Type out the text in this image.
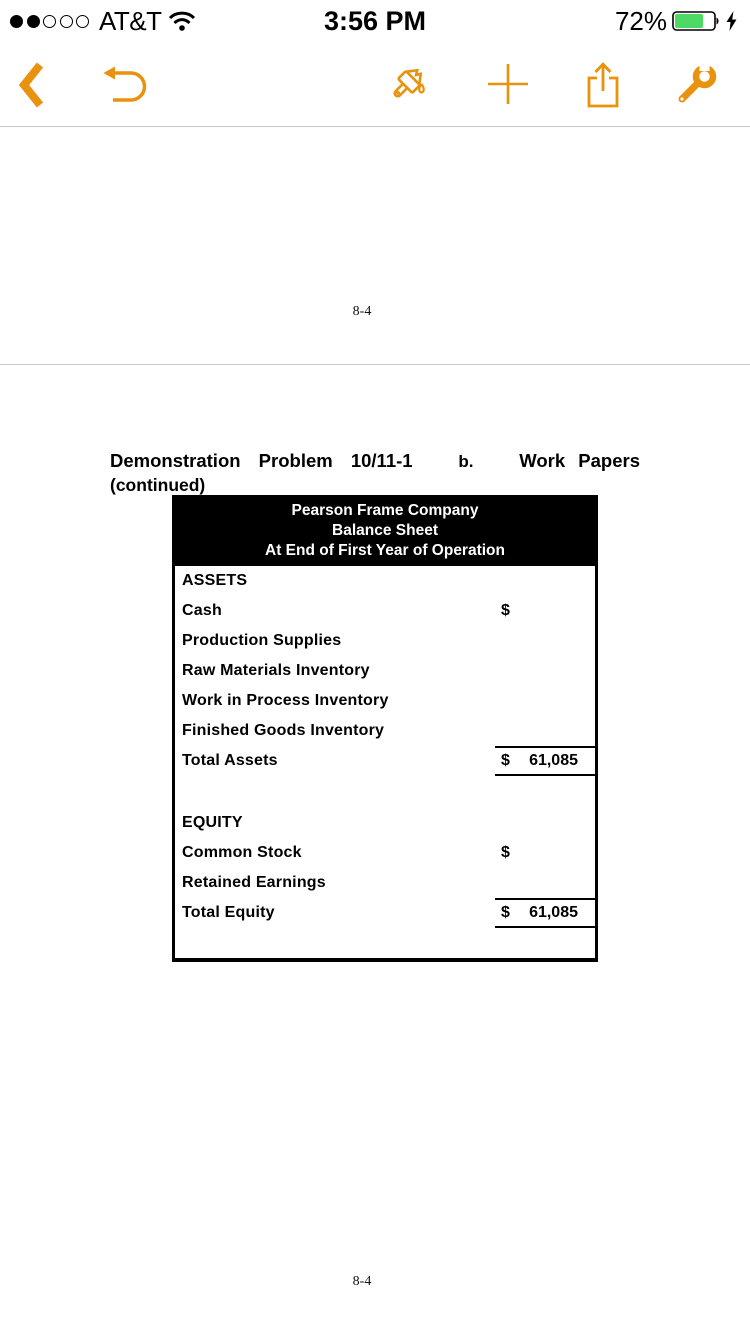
AT&T	3:56 PM	72%
8-4
Demonstration Problem 10/11-1	b. Work Papers
(continued)
Pearson Frame Company
Balance Sheet
At End of First Year of Operation
ASSETS
Cash	$
Production Supplies
Raw Materials Inventory
Work in Process Inventory
Finished Goods Inventory
Total Assets	$ 61,085
EQUITY
Common Stock	$
Retained Earnings
Total Equity	$ 61,085
8-4
